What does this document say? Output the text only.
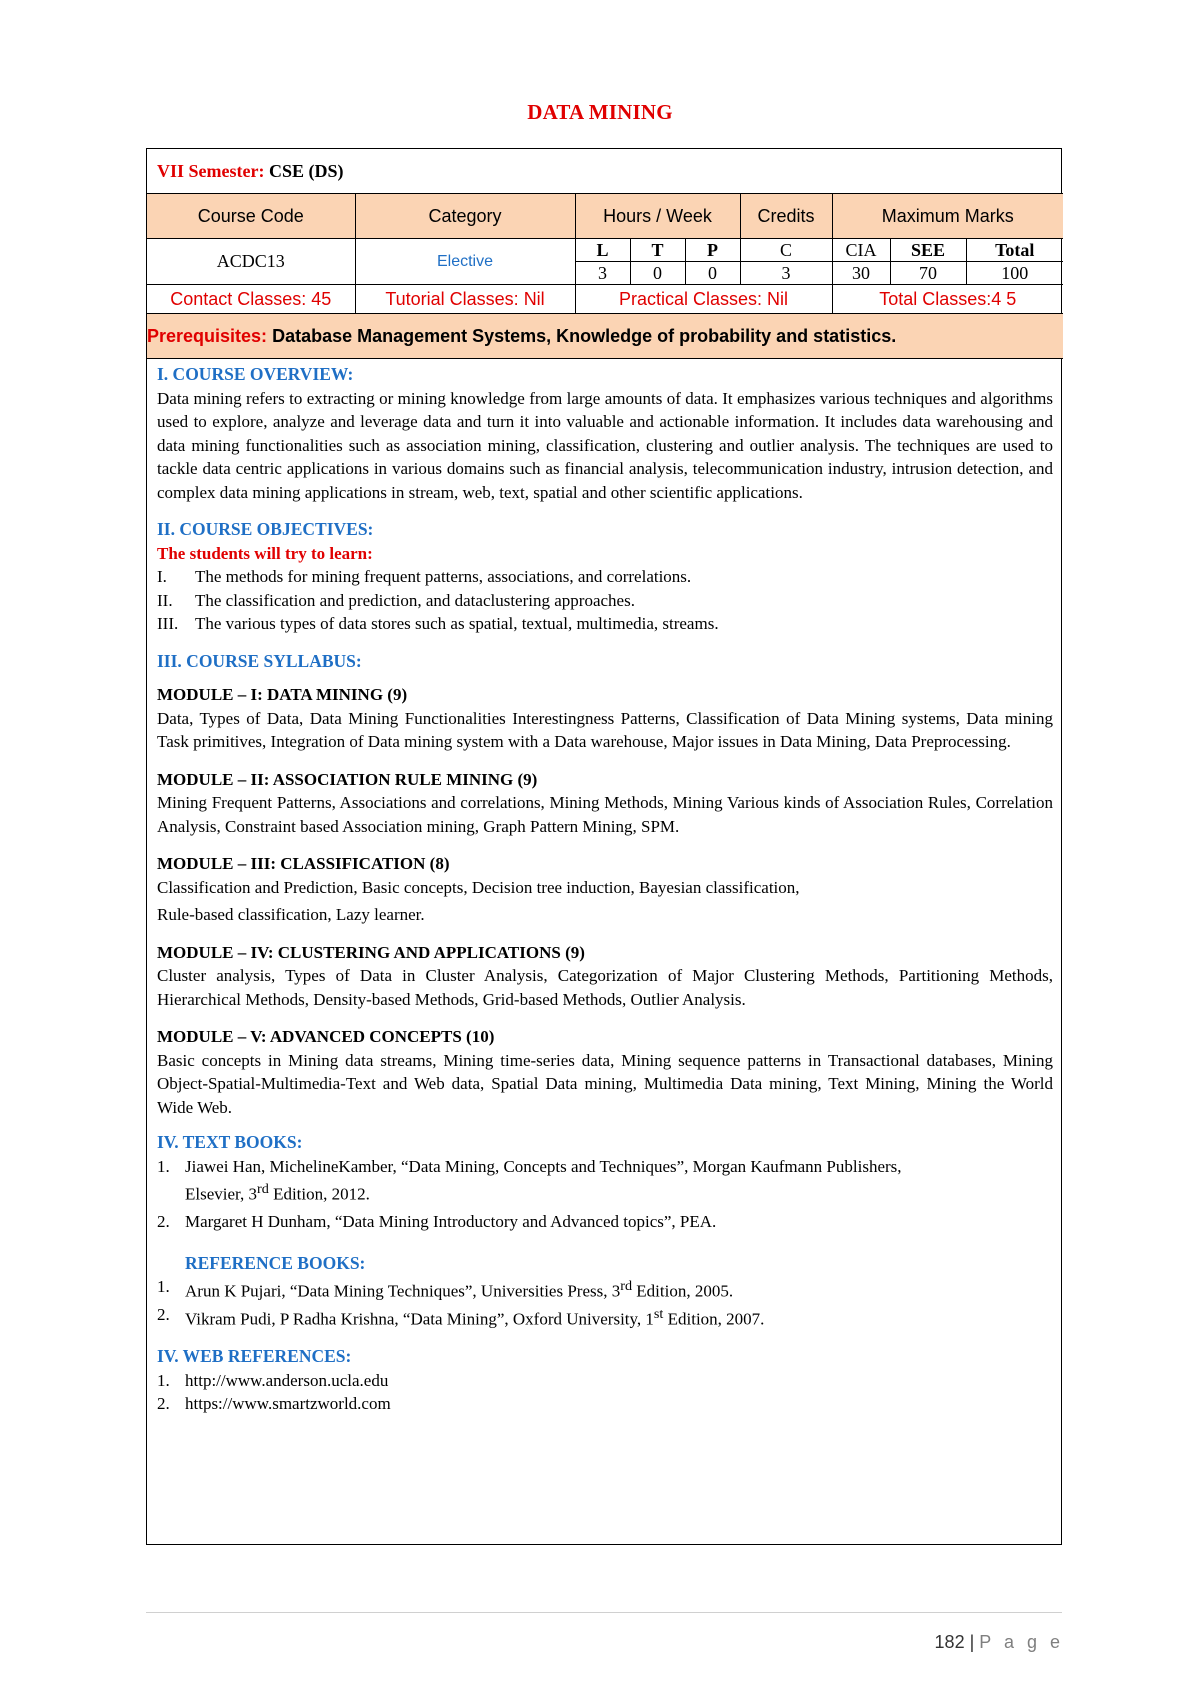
DATA MINING
VII Semester: CSE (DS)								
Course Code	Category	Hours / Week			Credits	Maximum Marks		
ACDC13	Elective	L	T	P	C	CIA	SEE	Total
		3	0	0	3	30	70	100
Contact Classes: 45	Tutorial Classes: Nil	Practical Classes: Nil				Total Classes:4 5		
Prerequisites: Database Management Systems, Knowledge of probability and statistics.								
I. COURSE OVERVIEW:
Data mining refers to extracting or mining knowledge from large amounts of data. It emphasizes various techniques and algorithms used to explore, analyze and leverage data and turn it into valuable and actionable information. It includes data warehousing and data mining functionalities such as association mining, classification, clustering and outlier analysis. The techniques are used to tackle data centric applications in various domains such as financial analysis, telecommunication industry, intrusion detection, and complex data mining applications in stream, web, text, spatial and other scientific applications.
II. COURSE OBJECTIVES:
The students will try to learn:
I.	The methods for mining frequent patterns, associations, and correlations.
II.	The classification and prediction, and dataclustering approaches.
III. The various types of data stores such as spatial, textual, multimedia, streams.
III. COURSE SYLLABUS:
MODULE – I: DATA MINING (9)
Data, Types of Data, Data Mining Functionalities Interestingness Patterns, Classification of Data Mining systems, Data mining Task primitives, Integration of Data mining system with a Data warehouse, Major issues in Data Mining, Data Preprocessing.
MODULE – II: ASSOCIATION RULE MINING (9)
Mining Frequent Patterns, Associations and correlations, Mining Methods, Mining Various kinds of Association Rules, Correlation Analysis, Constraint based Association mining, Graph Pattern Mining, SPM.
MODULE – III: CLASSIFICATION (8)
Classification and Prediction, Basic concepts, Decision tree induction, Bayesian classification,
Rule-based classification, Lazy learner.
MODULE – IV: CLUSTERING AND APPLICATIONS (9)
Cluster analysis, Types of Data in Cluster Analysis, Categorization of Major Clustering Methods, Partitioning Methods, Hierarchical Methods, Density-based Methods, Grid-based Methods, Outlier Analysis.
MODULE – V: ADVANCED CONCEPTS (10)
Basic concepts in Mining data streams, Mining time-series data, Mining sequence patterns in Transactional databases, Mining Object-Spatial-Multimedia-Text and Web data, Spatial Data mining, Multimedia Data mining, Text Mining, Mining the World Wide Web.
IV. TEXT BOOKS:
1. Jiawei Han, MichelineKamber, “Data Mining, Concepts and Techniques”, Morgan Kaufmann Publishers,
Elsevier, 3rd Edition, 2012.
2. Margaret H Dunham, “Data Mining Introductory and Advanced topics”, PEA.
REFERENCE BOOKS:
1. Arun K Pujari, “Data Mining Techniques”, Universities Press, 3rd Edition, 2005.
2. Vikram Pudi, P Radha Krishna, “Data Mining”, Oxford University, 1st Edition, 2007.
IV. WEB REFERENCES:
1. http://www.anderson.ucla.edu
2. https://www.smartzworld.com
182 | P a g e
